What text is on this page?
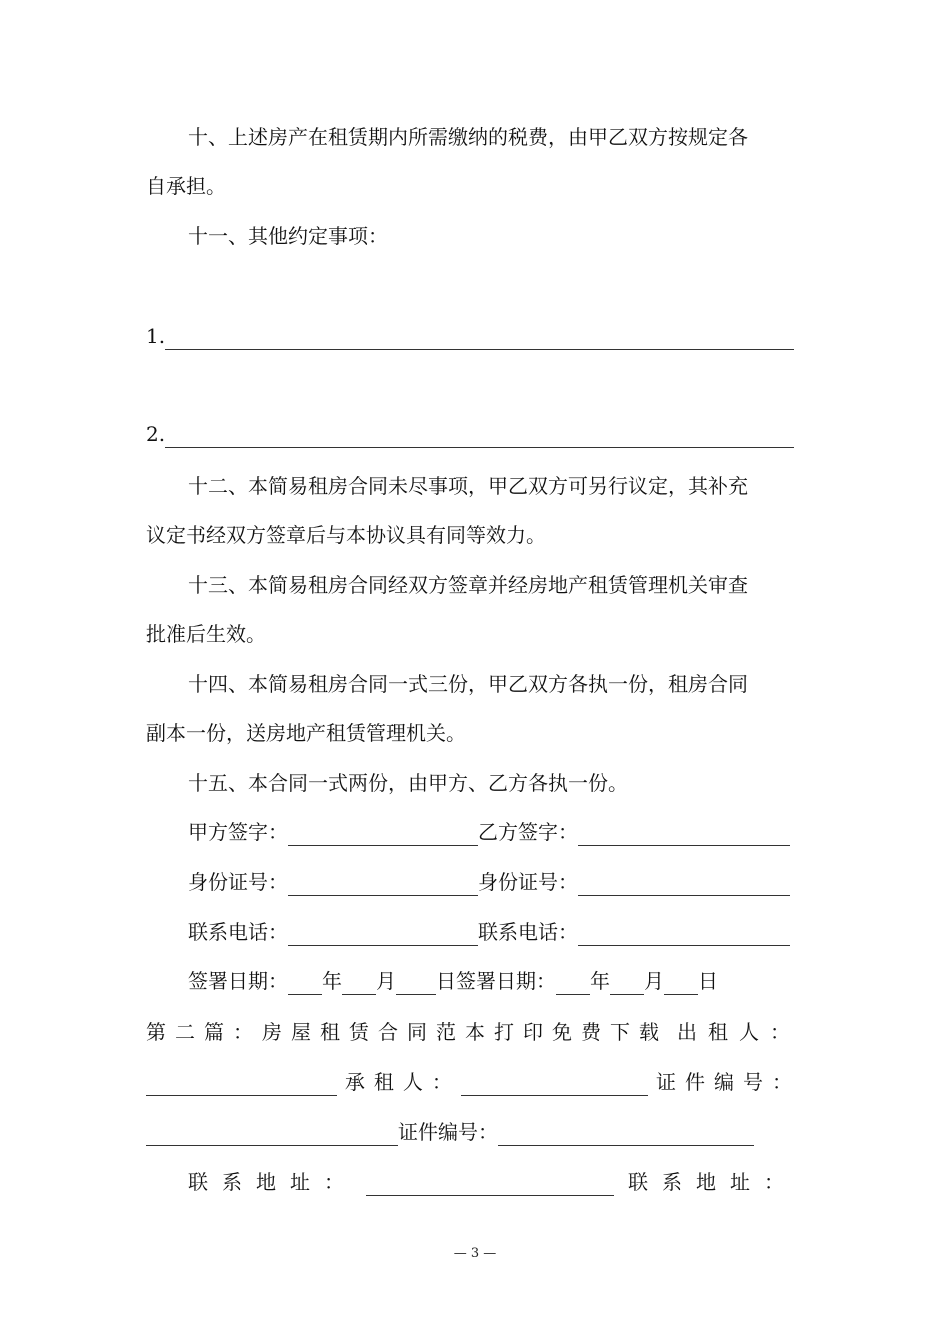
十、上述房产在租赁期内所需缴纳的税费，由甲乙双方按规定各
自承担。
十一、其他约定事项：
1.
2.
十二、本简易租房合同未尽事项，甲乙双方可另行议定，其补充
议定书经双方签章后与本协议具有同等效力。
十三、本简易租房合同经双方签章并经房地产租赁管理机关审查
批准后生效。
十四、本简易租房合同一式三份，甲乙双方各执一份，租房合同
副本一份，送房地产租赁管理机关。
十五、本合同一式两份，由甲方、乙方各执一份。
甲方签字：	乙方签字：
身份证号：	身份证号：
联系电话：	联系电话：
签署日期： 年 月 日 签署日期： 年 月 日
第二篇：房屋租赁合同范本打印免费下载 出租人：
承租人：	证件编号：
证件编号：
联系地址：	联系地址：
— 3 —
